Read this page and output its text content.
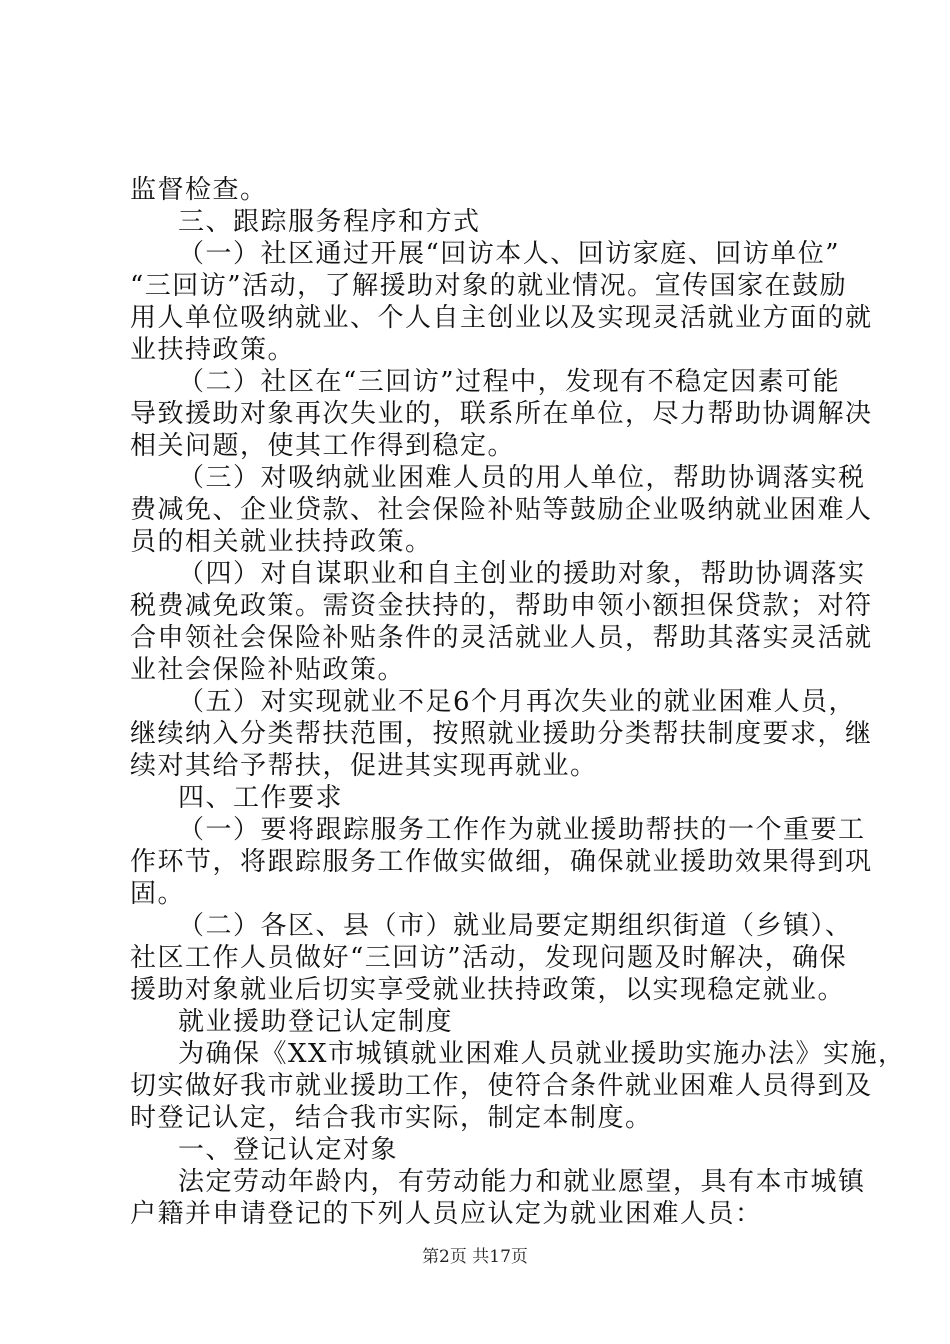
监督检查。
三、跟踪服务程序和方式
（一）社区通过开展“回访本人、回访家庭、回访单位”
“三回访”活动，了解援助对象的就业情况。宣传国家在鼓励
用人单位吸纳就业、个人自主创业以及实现灵活就业方面的就
业扶持政策。
（二）社区在“三回访”过程中，发现有不稳定因素可能
导致援助对象再次失业的，联系所在单位，尽力帮助协调解决
相关问题，使其工作得到稳定。
（三）对吸纳就业困难人员的用人单位，帮助协调落实税
费减免、企业贷款、社会保险补贴等鼓励企业吸纳就业困难人
员的相关就业扶持政策。
（四）对自谋职业和自主创业的援助对象，帮助协调落实
税费减免政策。需资金扶持的，帮助申领小额担保贷款；对符
合申领社会保险补贴条件的灵活就业人员，帮助其落实灵活就
业社会保险补贴政策。
（五）对实现就业不足6个月再次失业的就业困难人员，
继续纳入分类帮扶范围，按照就业援助分类帮扶制度要求，继
续对其给予帮扶，促进其实现再就业。
四、工作要求
（一）要将跟踪服务工作作为就业援助帮扶的一个重要工
作环节，将跟踪服务工作做实做细，确保就业援助效果得到巩
固。
（二）各区、县（市）就业局要定期组织街道（乡镇）、
社区工作人员做好“三回访”活动，发现问题及时解决，确保
援助对象就业后切实享受就业扶持政策，以实现稳定就业。
就业援助登记认定制度
为确保《XX市城镇就业困难人员就业援助实施办法》实施，
切实做好我市就业援助工作，使符合条件就业困难人员得到及
时登记认定，结合我市实际，制定本制度。
一、登记认定对象
法定劳动年龄内，有劳动能力和就业愿望，具有本市城镇
户籍并申请登记的下列人员应认定为就业困难人员：
第2页 共17页
